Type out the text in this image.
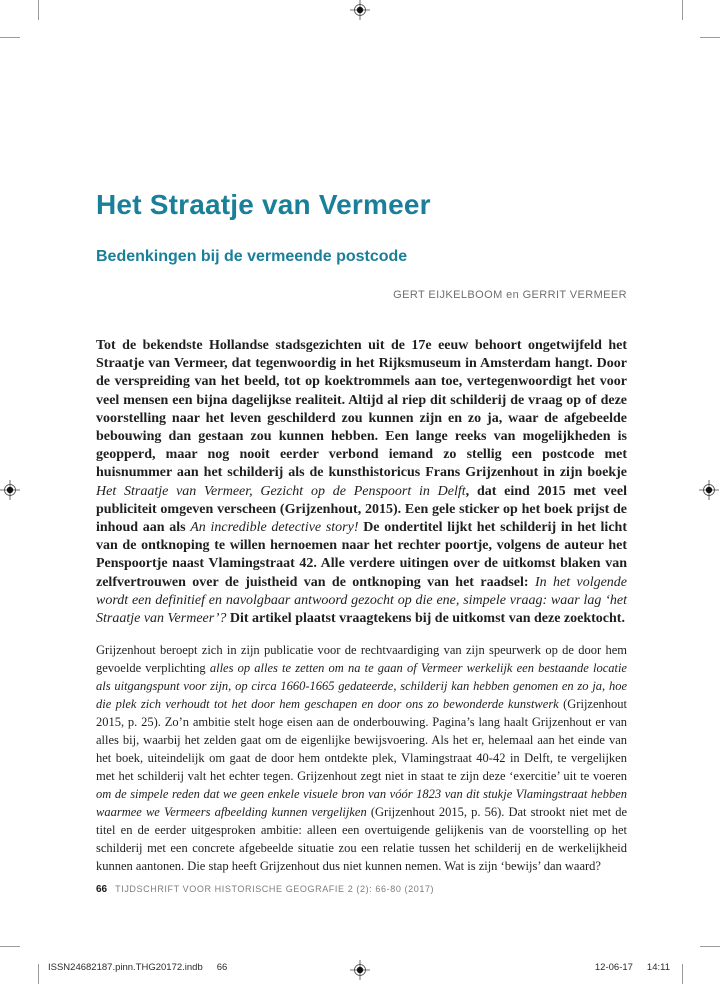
Het Straatje van Vermeer
Bedenkingen bij de vermeende postcode
GERT EIJKELBOOM en GERRIT VERMEER

Tot de bekendste Hollandse stadsgezichten uit de 17e eeuw behoort ongetwijfeld het Straatje van Vermeer, dat tegenwoordig in het Rijksmuseum in Amsterdam hangt. Door de verspreiding van het beeld, tot op koektrommels aan toe, vertegenwoordigt het voor veel mensen een bijna dagelijkse realiteit. Altijd al riep dit schilderij de vraag op of deze voorstelling naar het leven geschilderd zou kunnen zijn en zo ja, waar de afgebeelde bebouwing dan gestaan zou kunnen hebben. Een lange reeks van mogelijkheden is geopperd, maar nog nooit eerder verbond iemand zo stellig een postcode met huisnummer aan het schilderij als de kunsthistoricus Frans Grijzenhout in zijn boekje Het Straatje van Vermeer, Gezicht op de Penspoort in Delft, dat eind 2015 met veel publiciteit omgeven verscheen (Grijzenhout, 2015). Een gele sticker op het boek prijst de inhoud aan als An incredible detective story! De ondertitel lijkt het schilderij in het licht van de ontknoping te willen hernoemen naar het rechter poortje, volgens de auteur het Penspoortje naast Vlamingstraat 42. Alle verdere uitingen over de uitkomst blaken van zelfvertrouwen over de juistheid van de ontknoping van het raadsel: In het volgende wordt een definitief en navolgbaar antwoord gezocht op die ene, simpele vraag: waar lag ‘het Straatje van Vermeer’? Dit artikel plaatst vraagtekens bij de uitkomst van deze zoektocht.

Grijzenhout beroept zich in zijn publicatie voor de rechtvaardiging van zijn speurwerk op de door hem gevoelde verplichting alles op alles te zetten om na te gaan of Vermeer werkelijk een bestaande locatie als uitgangspunt voor zijn, op circa 1660-1665 gedateerde, schilderij kan hebben genomen en zo ja, hoe die plek zich verhoudt tot het door hem geschapen en door ons zo bewonderde kunstwerk (Grijzenhout 2015, p. 25). Zo’n ambitie stelt hoge eisen aan de onderbouwing. Pagina’s lang haalt Grijzenhout er van alles bij, waarbij het zelden gaat om de eigenlijke bewijsvoering. Als het er, helemaal aan het einde van het boek, uiteindelijk om gaat de door hem ontdekte plek, Vlamingstraat 40-42 in Delft, te vergelijken met het schilderij valt het echter tegen. Grijzenhout zegt niet in staat te zijn deze ‘exercitie’ uit te voeren om de simpele reden dat we geen enkele visuele bron van vóór 1823 van dit stukje Vlamingstraat hebben waarmee we Vermeers afbeelding kunnen vergelijken (Grijzenhout 2015, p. 56). Dat strookt niet met de titel en de eerder uitgesproken ambitie: alleen een overtuigende gelijkenis van de voorstelling op het schilderij met een concrete afgebeelde situatie zou een relatie tussen het schilderij en de werkelijkheid kunnen aantonen. Die stap heeft Grijzenhout dus niet kunnen nemen. Wat is zijn ‘bewijs’ dan waard?

66 TIJDSCHRIFT VOOR HISTORISCHE GEOGRAFIE 2 (2): 66-80 (2017)
ISSN24682187.pinn.THG20172.indb 66	12-06-17 14:11
